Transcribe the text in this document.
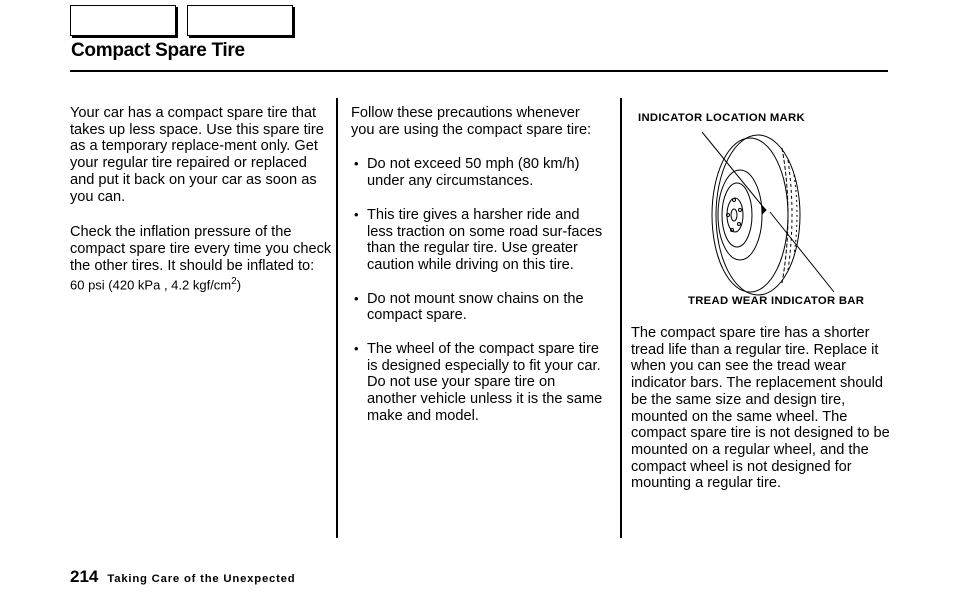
Compact Spare Tire

Your car has a compact spare tire that takes up less space. Use this spare tire as a temporary replace-ment only. Get your regular tire repaired or replaced and put it back on your car as soon as you can.

Check the inflation pressure of the compact spare tire every time you check the other tires. It should be inflated to:

60 psi (420 kPa , 4.2 kgf/$cm^2$)

Follow these precautions whenever you are using the compact spare tire:

• Do not exceed 50 mph (80 km/h) under any circumstances.
• This tire gives a harsher ride and less traction on some road sur-faces than the regular tire. Use greater caution while driving on this tire.
• Do not mount snow chains on the compact spare.
• The wheel of the compact spare tire is designed especially to fit your car. Do not use your spare tire on another vehicle unless it is the same make and model.
INDICATOR LOCATION MARK
TREAD WEAR INDICATOR BAR

The compact spare tire has a shorter tread life than a regular tire. Replace it when you can see the tread wear indicator bars. The replacement should be the same size and design tire, mounted on the same wheel. The compact spare tire is not designed to be mounted on a regular wheel, and the compact wheel is not designed for mounting a regular tire.

214 Taking Care of the Unexpected
